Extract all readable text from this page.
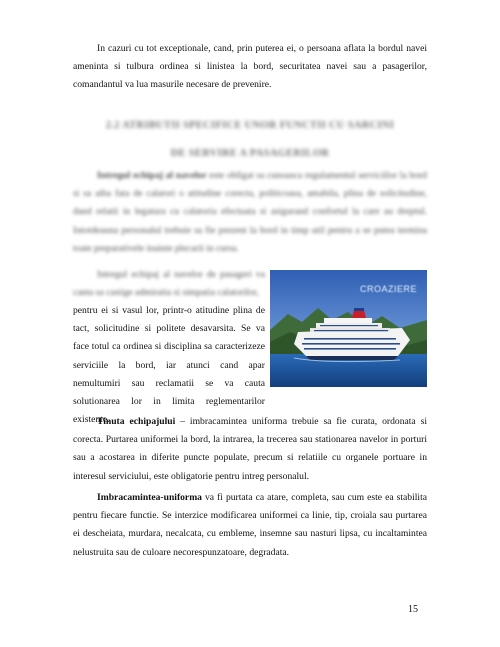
In cazuri cu tot exceptionale, cand, prin puterea ei, o persoana aflata la bordul navei ameninta si tulbura ordinea si linistea la bord, securitatea navei sau a pasagerilor, comandantul va lua masurile necesare de prevenire.

2.2 ATRIBUTII SPECIFICE UNOR FUNCTII CU SARCINI
DE SERVIRE A PASAGERILOR

Intregul echipaj al navelor este obligat sa cunoasca regulamentul serviciilor la bord si sa aiba fata de calatori o atitudine corecta, politicoasa, amabila, plina de solicitudine, dand relatii in legatura cu calatoria efectuata si asigurand confortul la care au dreptul. Intotdeauna personalul trebuie sa fie prezent la bord in timp util pentru a se putea termina toate preparativele inainte plecarii in cursa.

Intregul echipaj al navelor de pasageri va canta sa castige admiratia si simpatia calatorilor,

pentru ei si vasul lor, printr-o atitudine plina de tact, solicitudine si politete desavarsita. Se va face totul ca ordinea si disciplina sa caracterizeze serviciile la bord, iar atunci cand apar nemultumiri sau reclamatii se va cauta solutionarea lor in limita reglementarilor existente.

CROAZIERE

Tinuta echipajului – imbracamintea uniforma trebuie sa fie curata, ordonata si corecta. Purtarea uniformei la bord, la intrarea, la trecerea sau stationarea navelor in porturi sau a acostarea in diferite puncte populate, precum si relatiile cu organele portuare in interesul serviciului, este obligatorie pentru intreg personalul.

Imbracamintea-uniforma va fi purtata ca atare, completa, sau cum este ea stabilita pentru fiecare functie. Se interzice modificarea uniformei ca linie, tip, croiala sau purtarea ei descheiata, murdara, necalcata, cu embleme, insemne sau nasturi lipsa, cu incaltamintea nelustruita sau de culoare necorespunzatoare, degradata.

15
